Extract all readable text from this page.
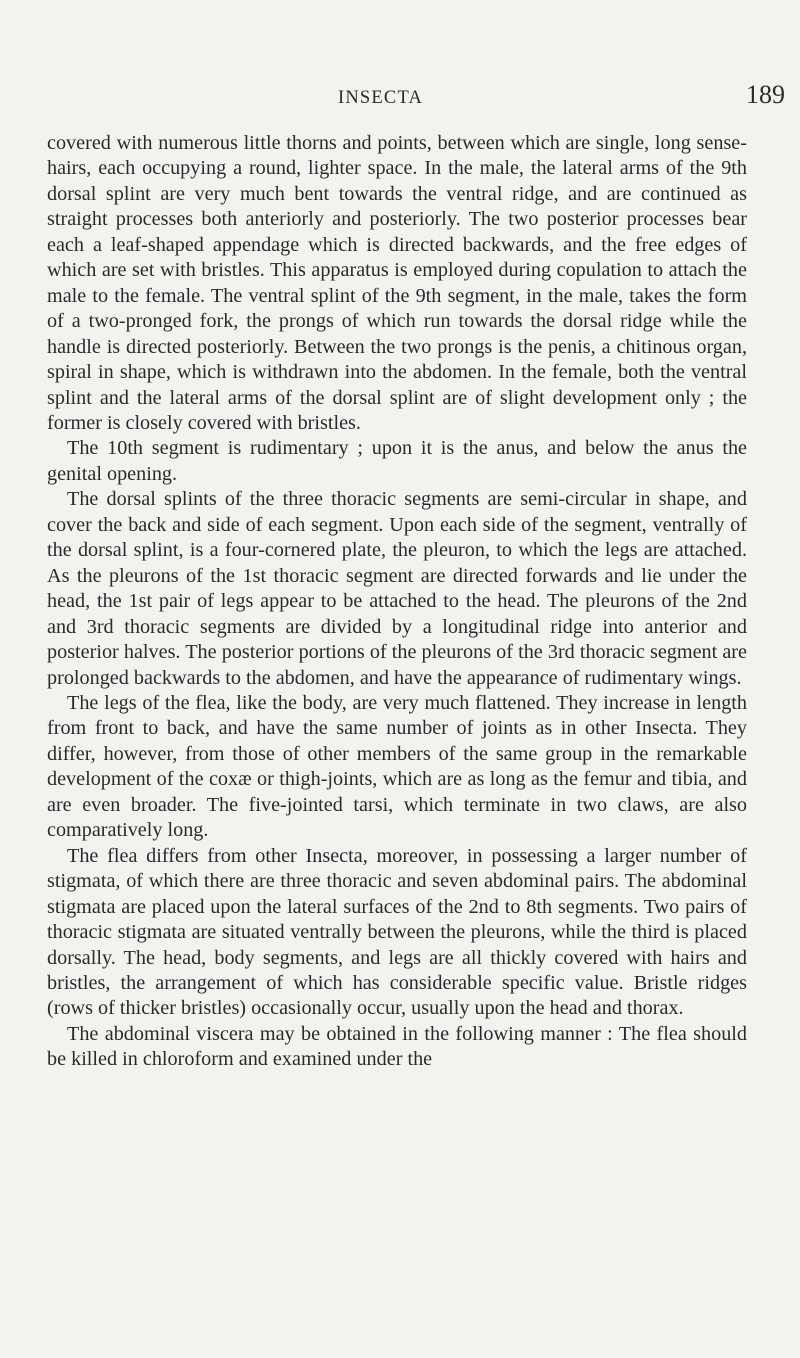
INSECTA	189

covered with numerous little thorns and points, between which are single, long sense-hairs, each occupying a round, lighter space. In the male, the lateral arms of the 9th dorsal splint are very much bent towards the ventral ridge, and are continued as straight processes both anteriorly and posteriorly. The two posterior processes bear each a leaf-shaped appendage which is directed backwards, and the free edges of which are set with bristles. This apparatus is employed during copulation to attach the male to the female. The ventral splint of the 9th segment, in the male, takes the form of a two-pronged fork, the prongs of which run towards the dorsal ridge while the handle is directed posteriorly. Between the two prongs is the penis, a chitinous organ, spiral in shape, which is withdrawn into the abdomen. In the female, both the ventral splint and the lateral arms of the dorsal splint are of slight development only ; the former is closely covered with bristles.

The 10th segment is rudimentary ; upon it is the anus, and below the anus the genital opening.

The dorsal splints of the three thoracic segments are semi-circular in shape, and cover the back and side of each segment. Upon each side of the segment, ventrally of the dorsal splint, is a four-cornered plate, the pleuron, to which the legs are attached. As the pleurons of the 1st thoracic segment are directed forwards and lie under the head, the 1st pair of legs appear to be attached to the head. The pleurons of the 2nd and 3rd thoracic segments are divided by a longitudinal ridge into anterior and posterior halves. The posterior portions of the pleurons of the 3rd thoracic segment are prolonged backwards to the abdomen, and have the appearance of rudimentary wings.

The legs of the flea, like the body, are very much flattened. They increase in length from front to back, and have the same number of joints as in other Insecta. They differ, however, from those of other members of the same group in the remarkable development of the coxæ or thigh-joints, which are as long as the femur and tibia, and are even broader. The five-jointed tarsi, which terminate in two claws, are also comparatively long.

The flea differs from other Insecta, moreover, in possessing a larger number of stigmata, of which there are three thoracic and seven abdominal pairs. The abdominal stigmata are placed upon the lateral surfaces of the 2nd to 8th segments. Two pairs of thoracic stigmata are situated ventrally between the pleurons, while the third is placed dorsally. The head, body segments, and legs are all thickly covered with hairs and bristles, the arrangement of which has considerable specific value. Bristle ridges (rows of thicker bristles) occasionally occur, usually upon the head and thorax.

The abdominal viscera may be obtained in the following manner : The flea should be killed in chloroform and examined under the
